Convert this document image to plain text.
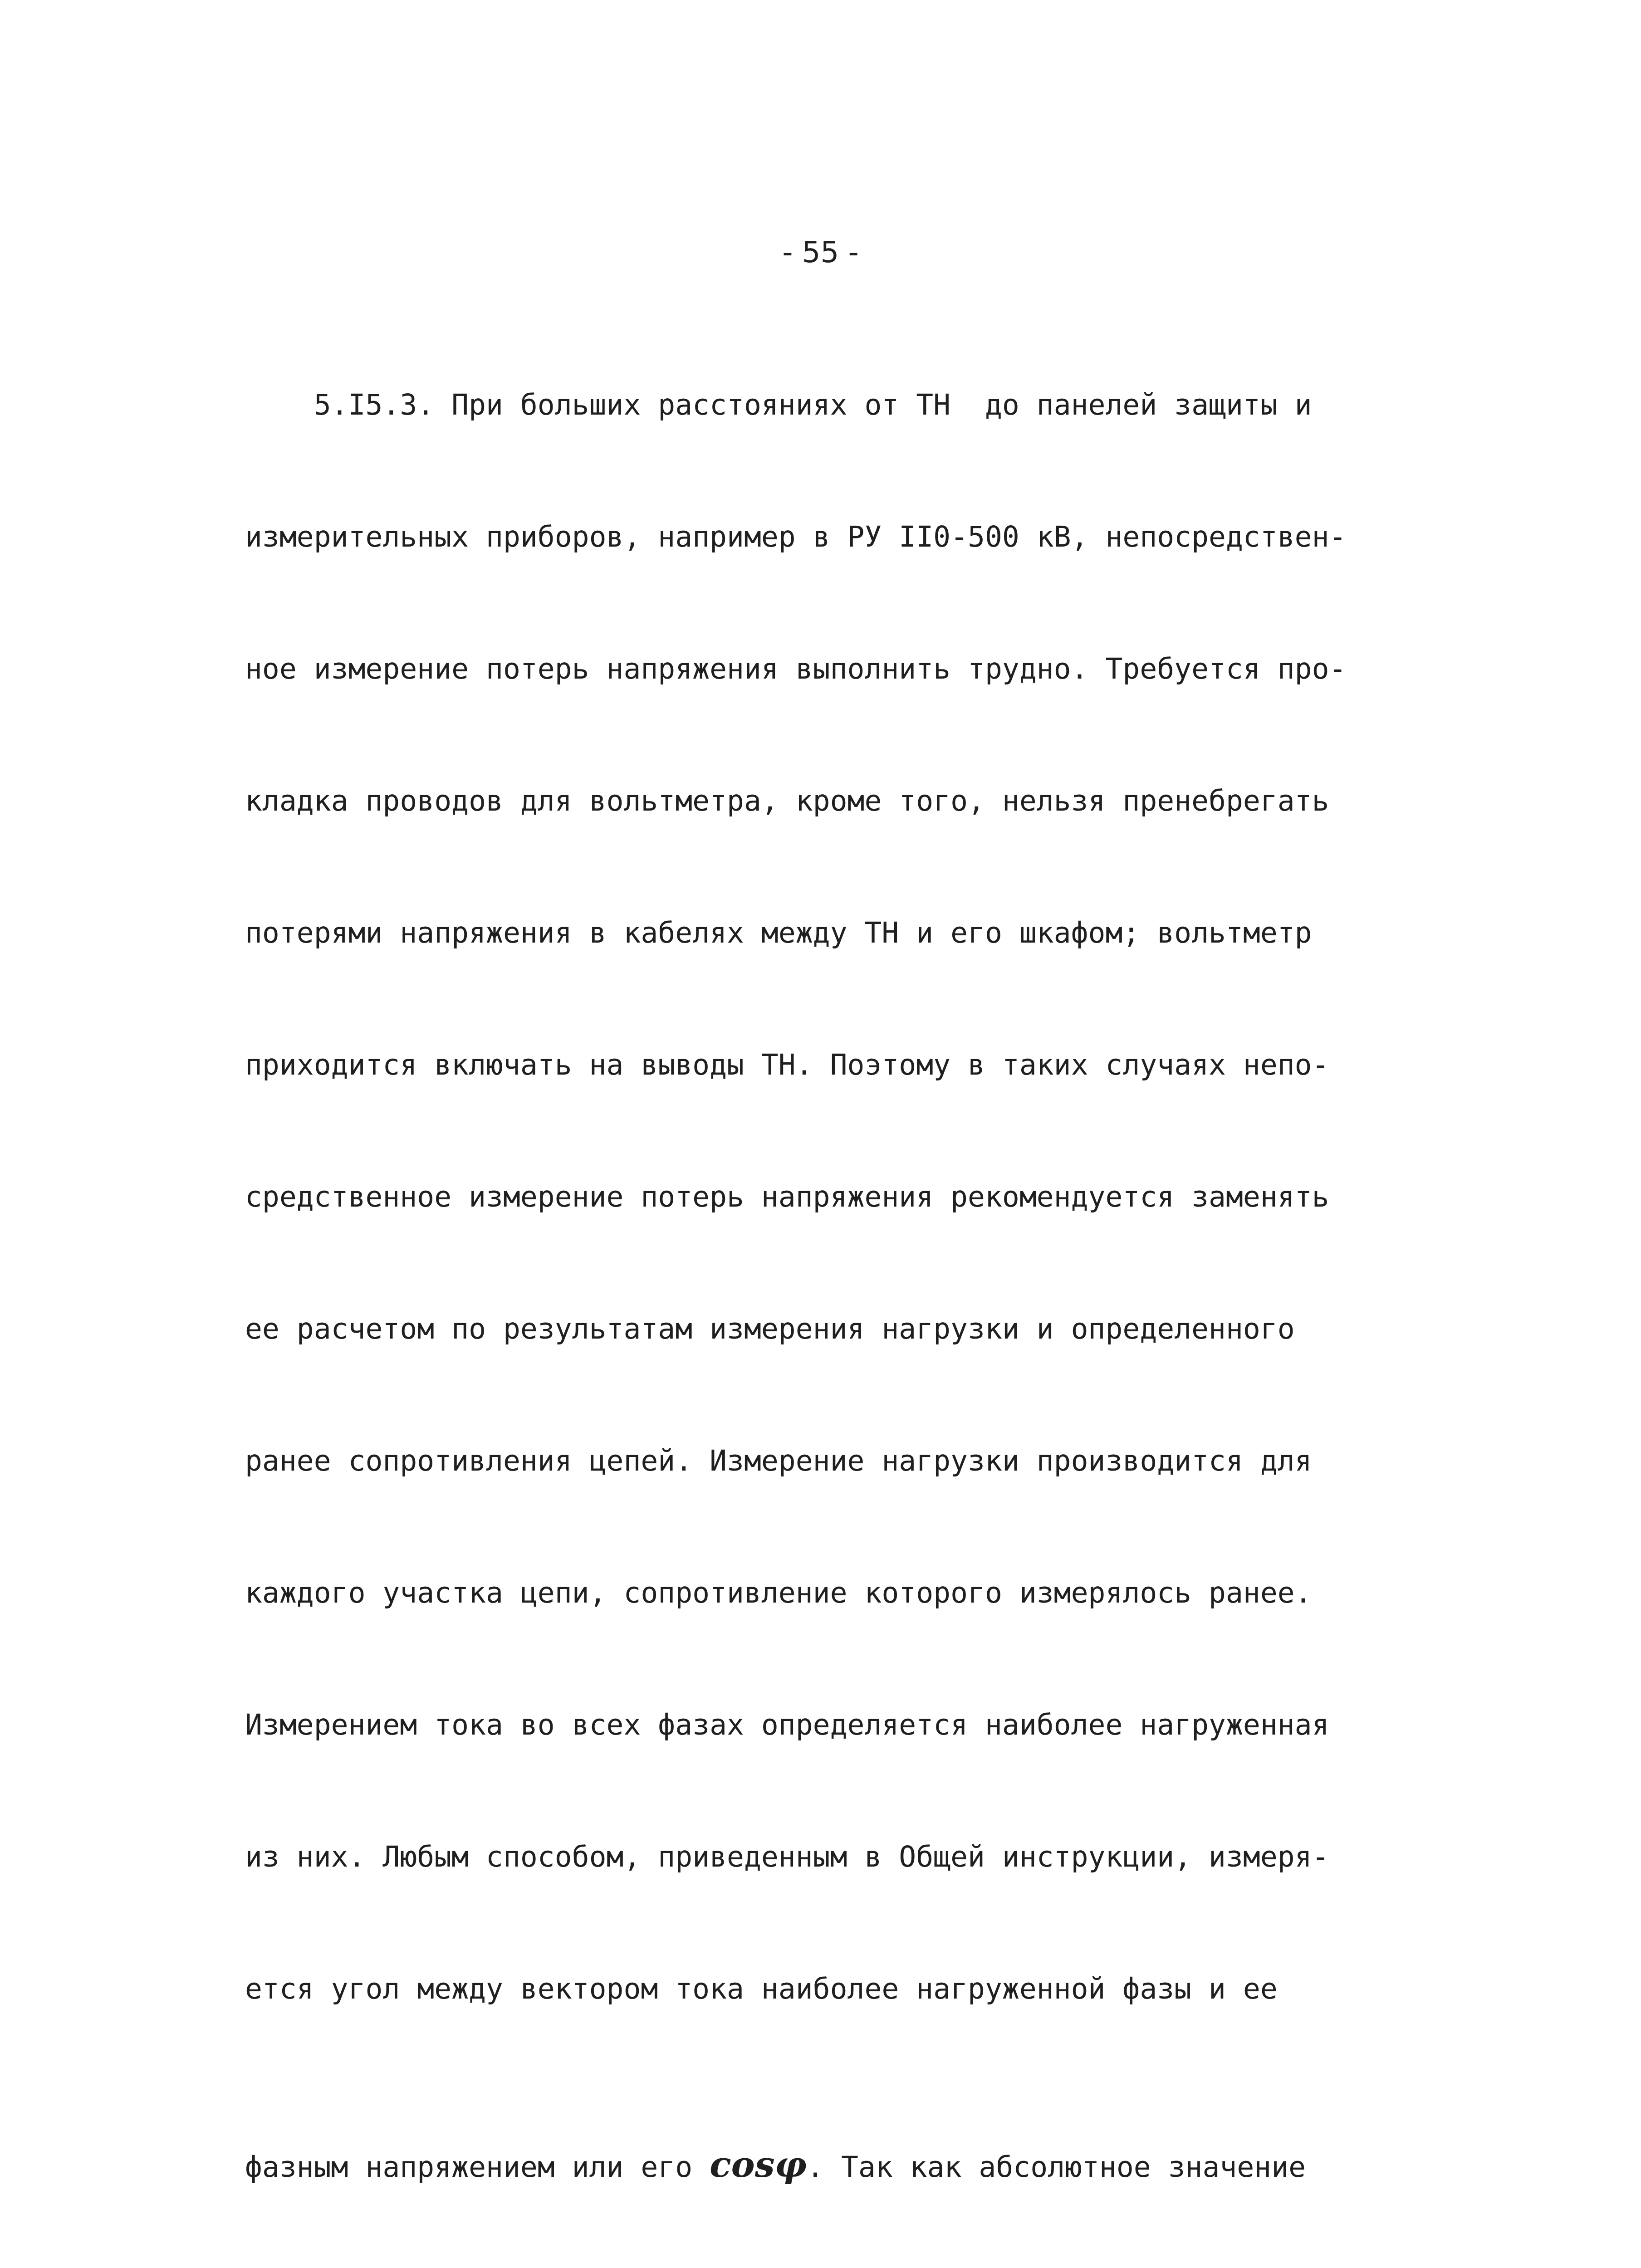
- 55 -

5.I5.3. При больших расстояниях от ТН  до панелей защиты и

измерительных приборов, например в РУ II0-500 кВ, непосредствен-

ное измерение потерь напряжения выполнить трудно. Требуется про-

кладка проводов для вольтметра, кроме того, нельзя пренебрегать

потерями напряжения в кабелях между ТН и его шкафом; вольтметр

приходится включать на выводы ТН. Поэтому в таких случаях непо-

средственное измерение потерь напряжения рекомендуется заменять

ее расчетом по результатам измерения нагрузки и определенного

ранее сопротивления цепей. Измерение нагрузки производится для

каждого участка цепи, сопротивление которого измерялось ранее.

Измерением тока во всех фазах определяется наиболее нагруженная

из них. Любым способом, приведенным в Общей инструкции, измеря-

ется угол между вектором тока наиболее нагруженной фазы и ее

фазным напряжением или его cosφ. Так как абсолютное значение
